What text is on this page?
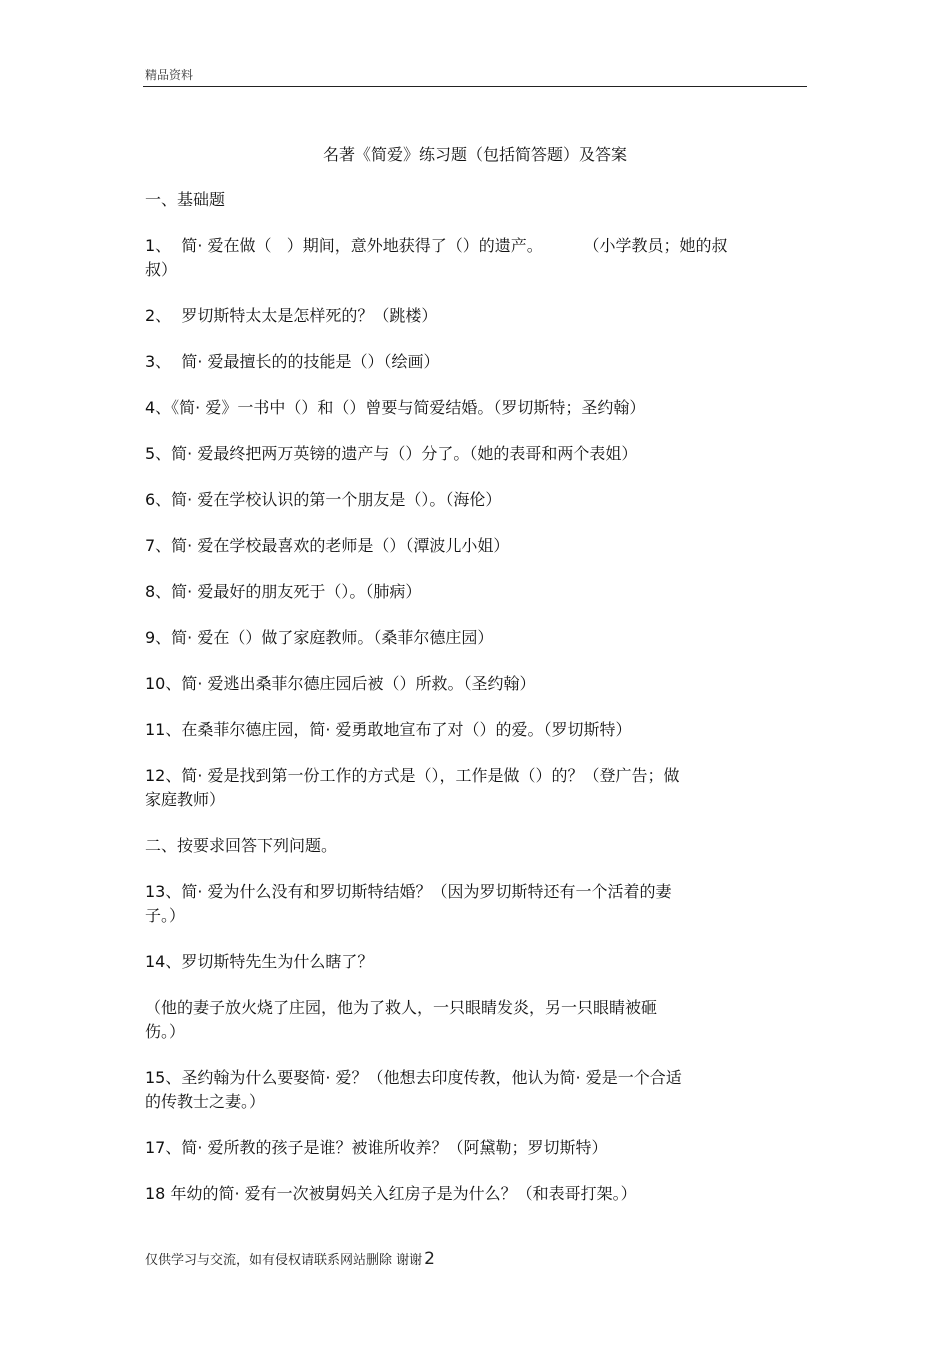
精品资料
名著《简爱》练习题（包括简答题）及答案
一、基础题
1、  简· 爱在做（   ）期间，意外地获得了（）的遗产。        （小学教员；她的叔
叔）
2、  罗切斯特太太是怎样死的？（跳楼）
3、  简· 爱最擅长的的技能是（）（绘画）
4、《简· 爱》一书中（）和（）曾要与简爱结婚。（罗切斯特；圣约翰）
5、简· 爱最终把两万英镑的遗产与（）分了。（她的表哥和两个表姐）
6、简· 爱在学校认识的第一个朋友是（）。（海伦）
7、简· 爱在学校最喜欢的老师是（）（潭波儿小姐）
8、简· 爱最好的朋友死于（）。（肺病）
9、简· 爱在（）做了家庭教师。（桑菲尔德庄园）
10、简· 爱逃出桑菲尔德庄园后被（）所救。（圣约翰）
11、在桑菲尔德庄园，简· 爱勇敢地宣布了对（）的爱。（罗切斯特）
12、简· 爱是找到第一份工作的方式是（），工作是做（）的？（登广告；做
家庭教师）
二、按要求回答下列问题。
13、简· 爱为什么没有和罗切斯特结婚？（因为罗切斯特还有一个活着的妻
子。）
14、罗切斯特先生为什么瞎了？
（他的妻子放火烧了庄园，他为了救人，一只眼睛发炎，另一只眼睛被砸
伤。）
15、圣约翰为什么要娶简· 爱？（他想去印度传教，他认为简· 爱是一个合适
的传教士之妻。）
17、简· 爱所教的孩子是谁？被谁所收养？（阿黛勒；罗切斯特）
18 年幼的简· 爱有一次被舅妈关入红房子是为什么？（和表哥打架。）
仅供学习与交流，如有侵权请联系网站删除 谢谢 2
